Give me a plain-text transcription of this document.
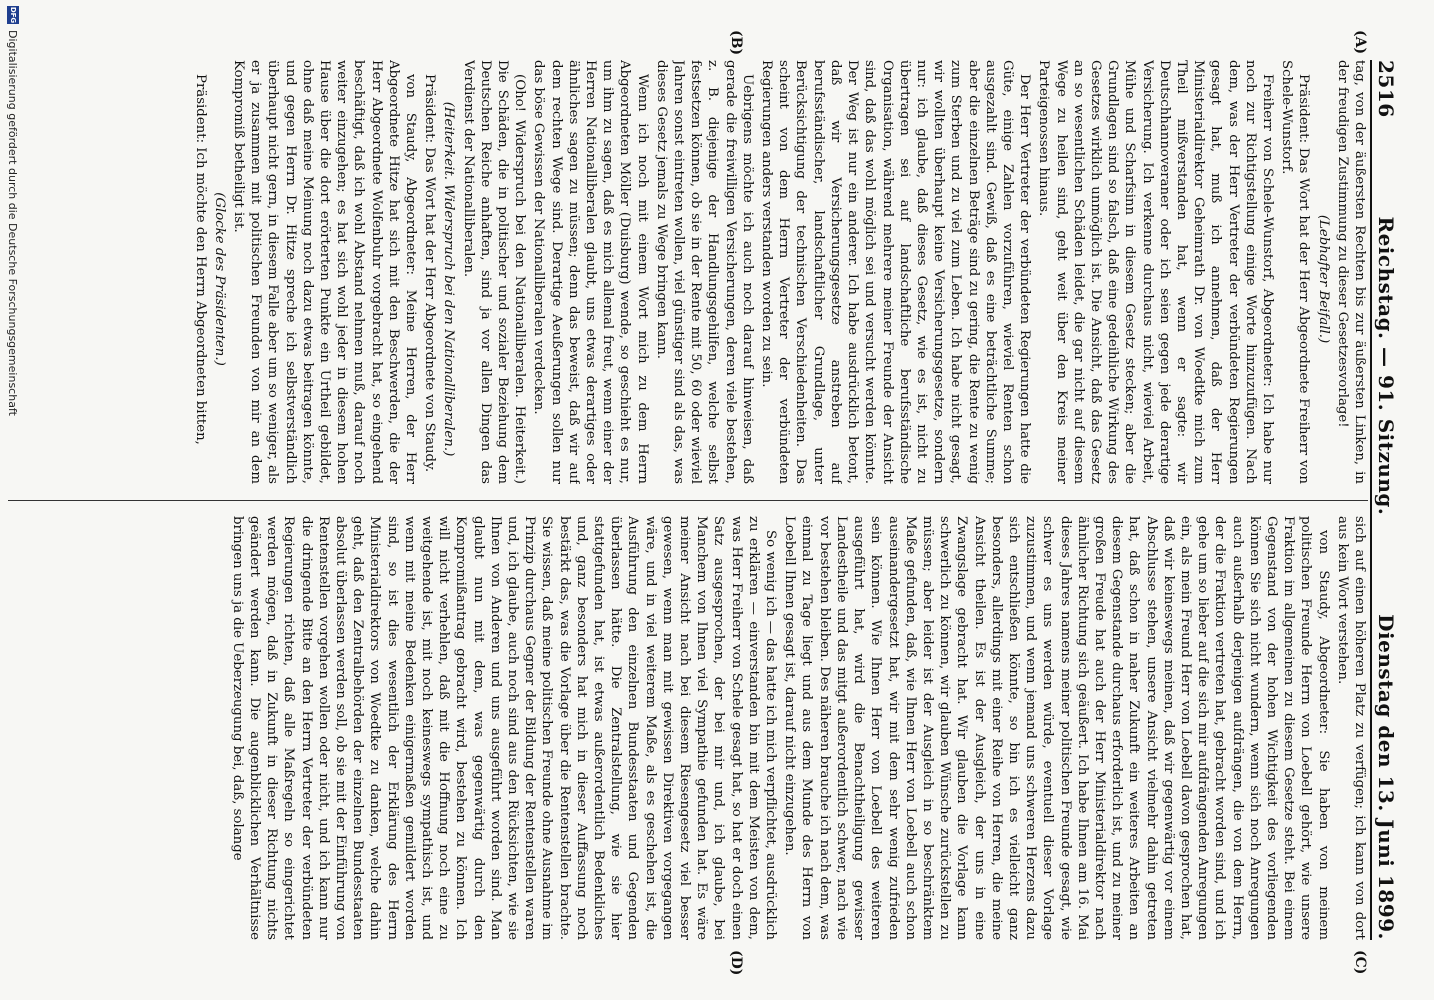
2516
Reichstag. — 91. Sitzung.
Dienstag den 13. Juni 1899.
(A)
(B)
(C)
(D)

tag, von der äußersten Rechten bis zur äußersten Linken, in der freudigen Zustimmung zu dieser Gesetzesvorlage!

(Lebhafter Beifall.)

Präsident: Das Wort hat der Herr Abgeordnete Freiherr von Schele-Wunstorf.

Freiherr von Schele-Wunstorf, Abgeordneter: Ich habe nur noch zur Richtigstellung einige Worte hinzuzufügen. Nach dem, was der Herr Vertreter der verbündeten Regierungen gesagt hat, muß ich annehmen, daß der Herr Ministerialdirektor Geheimrath Dr. von Woedtke mich zum Theil mißverstanden hat, wenn er sagte: wir Deutschhannoveraner oder ich seien gegen jede derartige Versicherung. Ich verkenne durchaus nicht, wieviel Arbeit, Mühe und Scharfsinn in diesem Gesetz stecken; aber die Grundlagen sind so falsch, daß eine gedeihliche Wirkung des Gesetzes wirklich unmöglich ist. Die Ansicht, daß das Gesetz an so wesentlichen Schäden leidet, die gar nicht auf diesem Wege zu heilen sind, geht weit über den Kreis meiner Parteigenossen hinaus.

Der Herr Vertreter der verbündeten Regierungen hatte die Güte, einige Zahlen vorzuführen, wieviel Renten schon ausgezahlt sind. Gewiß, daß es eine beträchtliche Summe; aber die einzelnen Beträge sind zu gering, die Rente zu wenig zum Sterben und zu viel zum Leben. Ich habe nicht gesagt, wir wollten überhaupt keine Versicherungsgesetze, sondern nur: ich glaube, daß dieses Gesetz, wie es ist, nicht zu übertragen sei auf landschaftliche berufsständische Organisation, während mehrere meiner Freunde der Ansicht sind, daß das wohl möglich sei und versucht werden könnte. Der Weg ist nur ein anderer. Ich habe ausdrücklich betont, daß wir Versicherungsgesetze anstreben auf berufsständischer, landschaftlicher Grundlage, unter Berücksichtigung der technischen Verschiedenheiten. Das scheint von dem Herrn Vertreter der verbündeten Regierungen anders verstanden worden zu sein.

Uebrigens möchte ich auch noch darauf hinweisen, daß gerade die freiwilligen Versicherungen, deren viele bestehen, z. B. diejenige der Handlungsgehilfen, welche selbst festsetzen können, ob sie in der Rente mit 50, 60 oder wieviel Jahren sonst eintreten wollen, viel günstiger sind als das, was dieses Gesetz jemals zu Wege bringen kann.

Wenn ich noch mit einem Wort mich zu dem Herrn Abgeordneten Möller (Duisburg) wende, so geschieht es nur, um ihm zu sagen, daß es mich allemal freut, wenn einer der Herren Nationalliberalen glaubt, uns etwas derartiges oder ähnliches sagen zu müssen; denn das beweist, daß wir auf dem rechten Wege sind. Derartige Aeußerungen sollen nur das böse Gewissen der Nationalliberalen verdecken.

(Oho! Widerspruch bei den Nationalliberalen. Heiterkeit.) Die Schäden, die in politischer und sozialer Beziehung dem Deutschen Reiche anhaften, sind ja vor allen Dingen das Verdienst der Nationalliberalen.

(Heiterkeit. Widerspruch bei den Nationalliberalen.)

Präsident: Das Wort hat der Herr Abgeordnete von Staudy.

von Staudy, Abgeordneter: Meine Herren, der Herr Abgeordnete Hitze hat sich mit den Beschwerden, die der Herr Abgeordnete Wolfenbuhr vorgebracht hat, so eingehend beschäftigt, daß ich wohl Abstand nehmen muß, darauf noch weiter einzugehen; es hat sich wohl jeder in diesem hohen Hause über die dort erörterten Punkte ein Urtheil gebildet, ohne daß meine Meinung noch dazu etwas beitragen könnte, und gegen Herrn Dr. Hitze spreche ich selbstverständlich überhaupt nicht gern, in diesem Falle aber um so weniger, als er ja zusammen mit politischen Freunden von mir an dem Kompromiß betheiligt ist.

(Glocke des Präsidenten.)

Präsident: Ich möchte den Herrn Abgeordneten bitten,

sich auf einen höheren Platz zu verfügen; ich kann von dort aus kein Wort verstehen.

von Staudy, Abgeordneter: Sie haben von meinem politischen Freunde Herrn von Loebell gehört, wie unsere Fraktion im allgemeinen zu diesem Gesetze steht. Bei einem Gegenstand von der hohen Wichtigkeit des vorliegenden können Sie sich nicht wundern, wenn sich noch Anregungen auch außerhalb derjenigen aufdrängen, die von dem Herrn, der die Fraktion vertreten hat, gebracht worden sind, und ich gehe um so lieber auf die sich mir aufdrängenden Anregungen ein, als mein Freund Herr von Loebell davon gesprochen hat, daß wir keineswegs meinen, daß wir gegenwärtig vor einem Abschlusse stehen, unsere Ansicht vielmehr dahin getreten hat, daß schon in naher Zukunft ein weiteres Arbeiten an diesem Gegenstande durchaus erforderlich ist, und zu meiner großen Freude hat auch der Herr Ministerialdirektor nach ähnlicher Richtung sich geäußert. Ich habe Ihnen am 16. Mai dieses Jahres namens meiner politischen Freunde gesagt, wie schwer es uns werden würde, eventuell dieser Vorlage zuzustimmen, und wenn jemand uns schweren Herzens dazu sich entschließen könnte, so bin ich es vielleicht ganz besonders, allerdings mit einer Reihe von Herren, die meine Ansicht theilen. Es ist der Ausgleich, der uns in eine Zwangslage gebracht hat. Wir glauben die Vorlage kann schwerlich zu können, wir glauben Wünsche zurückstellen zu müssen; aber leider ist der Ausgleich in so beschränktem Maße gefunden, daß, wie Ihnen Herr von Loebell auch schon auseinandergesetzt hat, wir mit dem sehr wenig zufrieden sein können. Wie Ihnen Herr von Loebell des weiteren ausgeführt hat, wird die Benachtheiligung gewisser Landestheile und das mitgt außerordentlich schwer, nach wie vor bestehen bleiben. Des näheren brauche ich nach dem, was einmal zu Tage liegt und aus dem Munde des Herrn von Loebell Ihnen gesagt ist, darauf nicht einzugehen.

So wenig ich — das hatte ich mich verpflichtet, ausdrücklich zu erklären — einverstanden bin mit dem Meisten von dem, was Herr Freiherr von Schele gesagt hat, so hat er doch einen Satz ausgesprochen, der bei mir und, ich glaube, bei Manchem von Ihnen viel Sympathie gefunden hat. Es wäre meiner Ansicht nach bei diesem Riesengesetz viel besser gewesen, wenn man mit gewissen Direktiven vorgegangen wäre, und in viel weiterem Maße, als es geschehen ist, die Ausführung den einzelnen Bundesstaaten und Gegenden überlassen hätte. Die Zentralstellung, wie sie hier stattgefunden hat, ist etwas außerordentlich Bedenkliches und, ganz besonders hat mich in dieser Auffassung noch bestärkt das, was die Vorlage über die Rentenstellen brachte. Sie wissen, daß meine politischen Freunde ohne Ausnahme im Prinzip durchaus Gegner der Bildung der Rentenstellen waren und, ich glaube, auch noch sind aus den Rücksichten, wie sie Ihnen von Anderen und uns ausgeführt worden sind. Man glaubt nun mit dem, was gegenwärtig durch den Kompromißantrag gebracht wird, bestehen zu können. Ich will nicht verhehlen, daß mit die Hoffnung noch eine zu weitgehende ist, mit noch keineswegs sympathisch ist, und wenn mit meine Bedenken einigermaßen gemildert worden sind, so ist dies wesentlich der Erklärung des Herrn Ministerialdirektors von Woedtke zu danken, welche dahin geht, daß den Zentralbehörden der einzelnen Bundesstaaten absolut überlassen werden soll, ob sie mit der Einführung von Rentenstellen vorgehen wollen oder nicht, und ich kann nur die dringende Bitte an den Herrn Vertreter der verbündeten Regierungen richten, daß alle Maßregeln so eingerichtet werden mögen, daß in Zukunft in dieser Richtung nichts geändert werden kann. Die augenblicklichen Verhältnisse bringen uns ja die Ueberzeugung bei, daß, solange

DFG
Digitalisierung gefördert durch die Deutsche Forschungsgemeinschaft
